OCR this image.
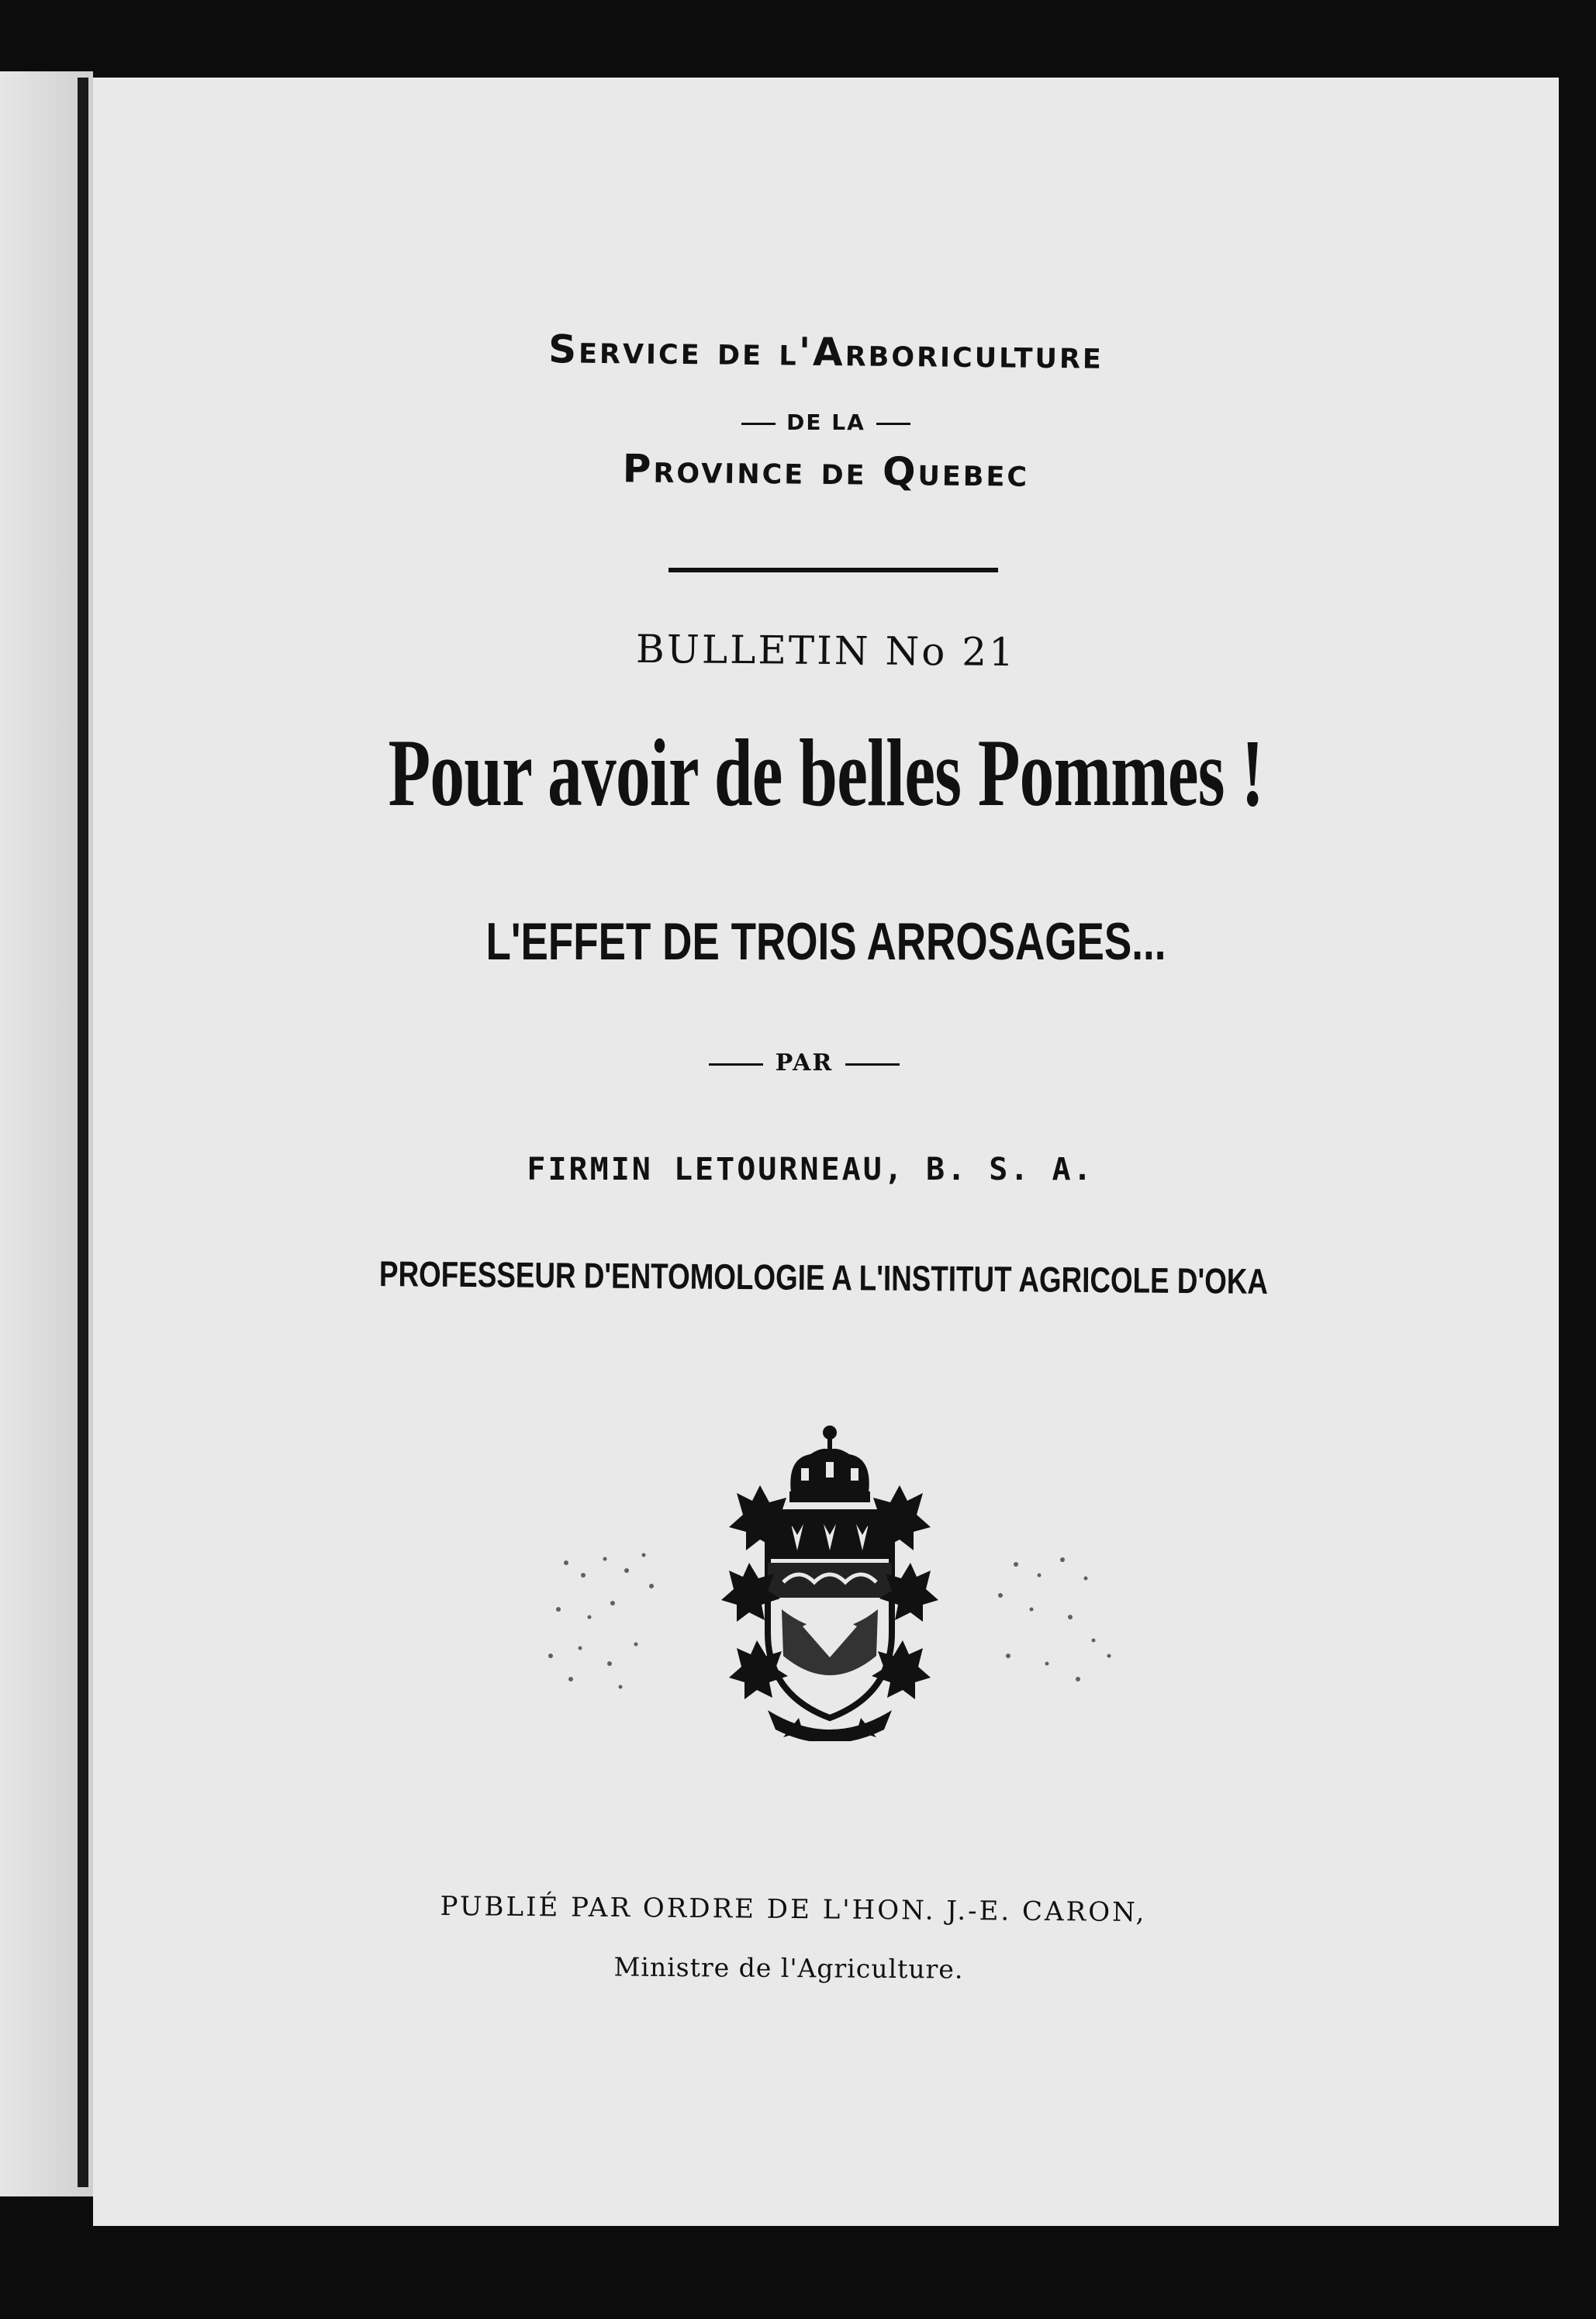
Service de l'Arboriculture
DE LA
Province de Quebec
BULLETIN No 21
Pour avoir de belles Pommes !
L'EFFET DE TROIS ARROSAGES...
PAR
FIRMIN LETOURNEAU, B. S. A.
PROFESSEUR D'ENTOMOLOGIE A L'INSTITUT AGRICOLE D'OKA
PUBLIÉ PAR ORDRE DE L'HON. J.-E. CARON,
Ministre de l'Agriculture.
